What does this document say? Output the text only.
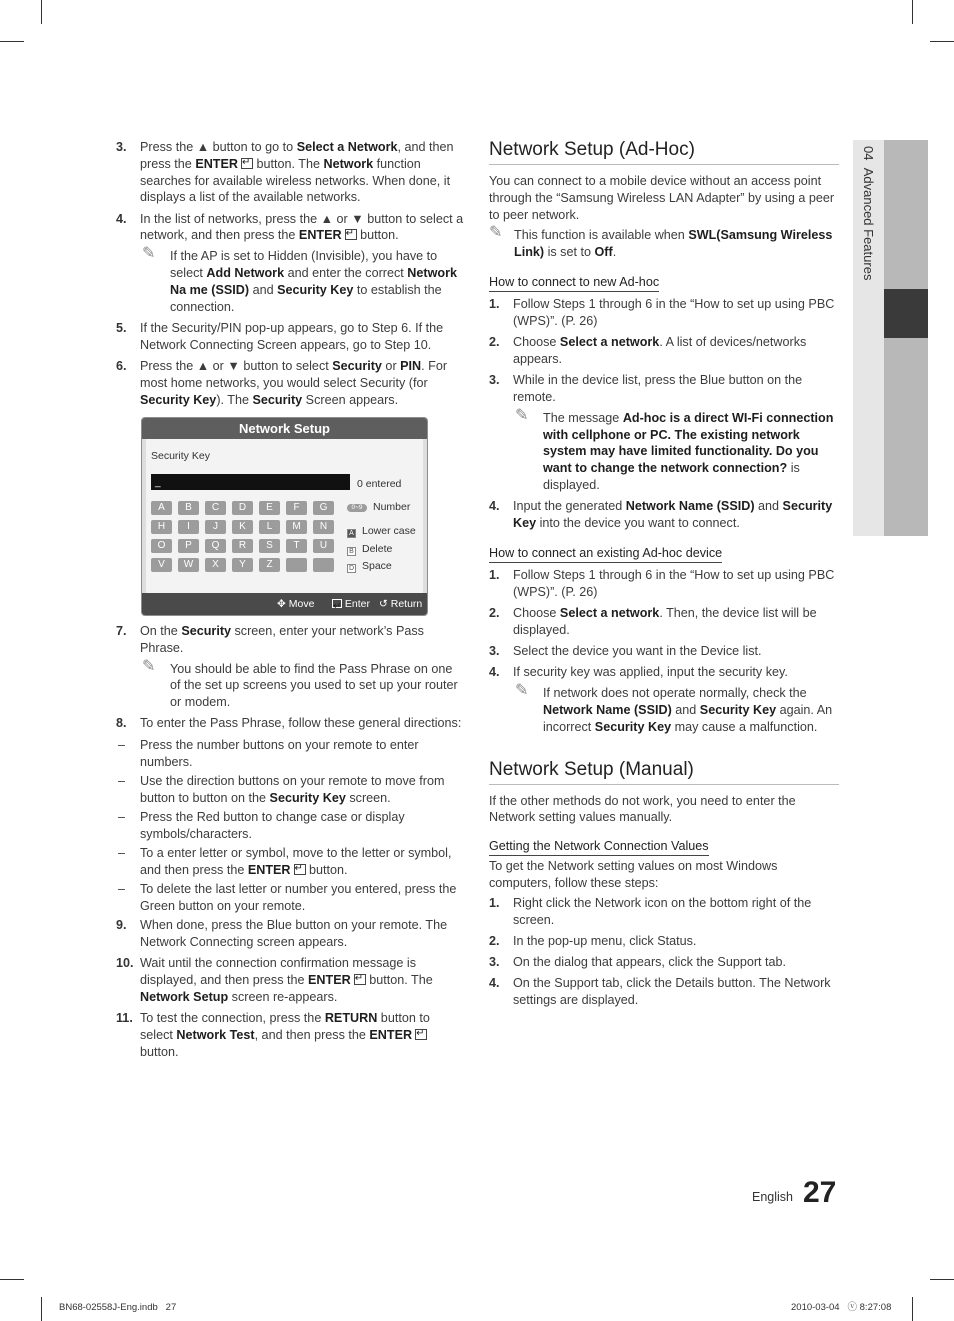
04  Advanced Features
3. Press the ▲ button to go to Select a Network, and then press the ENTER↵ button. The Network function searches for available wireless networks. When done, it displays a list of the available networks.
4. In the list of networks, press the ▲ or ▼ button to select a network, and then press the ENTER↵ button.
✎ If the AP is set to Hidden (Invisible), you have to select Add Network and enter the correct Network Na me (SSID) and Security Key to establish the connection.
5. If the Security/PIN pop-up appears, go to Step 6. If the Network Connecting Screen appears, go to Step 10.
6. Press the ▲ or ▼ button to select Security or PIN. For most home networks, you would select Security (for Security Key). The Security Screen appears.
Network Setup
Security Key
_	0 entered
A	B	C	D	E	F	G
H	I	J	K	L	M	N
O	P	Q	R	S	T	U
V	W	X	Y	Z
0~9 Number
A Lower case
B Delete
D Space
✥ Move
↵	Enter ↺ Return
7. On the Security screen, enter your network’s Pass Phrase.
✎ You should be able to find the Pass Phrase on one of the set up screens you used to set up your router or modem.
8. To enter the Pass Phrase, follow these general directions:
– Press the number buttons on your remote to enter numbers.
– Use the direction buttons on your remote to move from button to button on the Security Key screen.
– Press the Red button to change case or display symbols/characters.
– To a enter letter or symbol, move to the letter or symbol, and then press the ENTER↵ button.
– To delete the last letter or number you entered, press the Green button on your remote.
9. When done, press the Blue button on your remote. The Network Connecting screen appears.
10. Wait until the connection confirmation message is displayed, and then press the ENTER↵ button. The Network Setup screen re-appears.
11. To test the connection, press the RETURN button to select Network Test, and then press the ENTER↵ button.
Network Setup (Ad-Hoc)

You can connect to a mobile device without an access point through the “Samsung Wireless LAN Adapter” by using a peer to peer network.

✎ This function is available when SWL(Samsung Wireless Link) is set to Off.
How to connect to new Ad-hoc
1. Follow Steps 1 through 6 in the “How to set up using PBC (WPS)”. (P. 26)
2. Choose Select a network. A list of devices/networks appears.
3. While in the device list, press the Blue button on the remote.
✎ The message Ad-hoc is a direct WI-Fi connection with cellphone or PC. The existing network system may have limited functionality. Do you want to change the network connection? is displayed.
4. Input the generated Network Name (SSID) and Security Key into the device you want to connect.
How to connect an existing Ad-hoc device
1. Follow Steps 1 through 6 in the “How to set up using PBC (WPS)”. (P. 26)
2. Choose Select a network. Then, the device list will be displayed.
3. Select the device you want in the Device list.
4. If security key was applied, input the security key.
✎ If network does not operate normally, check the Network Name (SSID) and Security Key again. An incorrect Security Key may cause a malfunction.
Network Setup (Manual)

If the other methods do not work, you need to enter the Network setting values manually.

Getting the Network Connection Values

To get the Network setting values on most Windows computers, follow these steps:

1. Right click the Network icon on the bottom right of the screen.
2. In the pop-up menu, click Status.
3. On the dialog that appears, click the Support tab.
4. On the Support tab, click the Details button. The Network settings are displayed.
English 27
BN68-02558J-Eng.indb   27	2010-03-04   ⓥ 8:27:08
